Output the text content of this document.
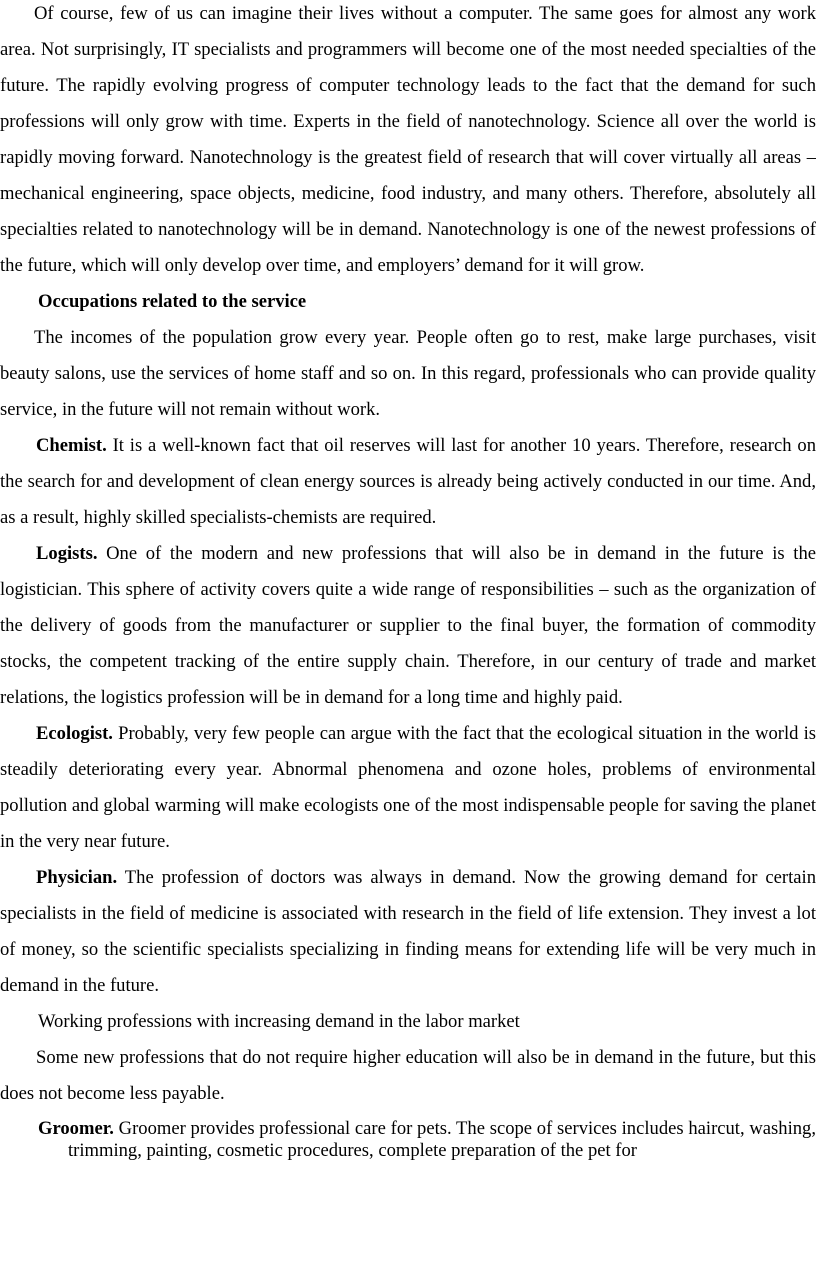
Of course, few of us can imagine their lives without a computer. The same goes for almost any work area. Not surprisingly, IT specialists and programmers will become one of the most needed specialties of the future. The rapidly evolving progress of computer technology leads to the fact that the demand for such professions will only grow with time. Experts in the field of nanotechnology. Science all over the world is rapidly moving forward. Nanotechnology is the greatest field of research that will cover virtually all areas – mechanical engineering, space objects, medicine, food industry, and many others. Therefore, absolutely all specialties related to nanotechnology will be in demand. Nanotechnology is one of the newest professions of the future, which will only develop over time, and employers’ demand for it will grow.

Occupations related to the service

The incomes of the population grow every year. People often go to rest, make large purchases, visit beauty salons, use the services of home staff and so on. In this regard, professionals who can provide quality service, in the future will not remain without work.

Chemist. It is a well-known fact that oil reserves will last for another 10 years. Therefore, research on the search for and development of clean energy sources is already being actively conducted in our time. And, as a result, highly skilled specialists-chemists are required.

Logists. One of the modern and new professions that will also be in demand in the future is the logistician. This sphere of activity covers quite a wide range of responsibilities – such as the organization of the delivery of goods from the manufacturer or supplier to the final buyer, the formation of commodity stocks, the competent tracking of the entire supply chain. Therefore, in our century of trade and market relations, the logistics profession will be in demand for a long time and highly paid.

Ecologist. Probably, very few people can argue with the fact that the ecological situation in the world is steadily deteriorating every year. Abnormal phenomena and ozone holes, problems of environmental pollution and global warming will make ecologists one of the most indispensable people for saving the planet in the very near future.

Physician. The profession of doctors was always in demand. Now the growing demand for certain specialists in the field of medicine is associated with research in the field of life extension. They invest a lot of money, so the scientific specialists specializing in finding means for extending life will be very much in demand in the future.

Working professions with increasing demand in the labor market

Some new professions that do not require higher education will also be in demand in the future, but this does not become less payable.

Groomer. Groomer provides professional care for pets. The scope of services includes haircut, washing, trimming, painting, cosmetic procedures, complete preparation of the pet for
